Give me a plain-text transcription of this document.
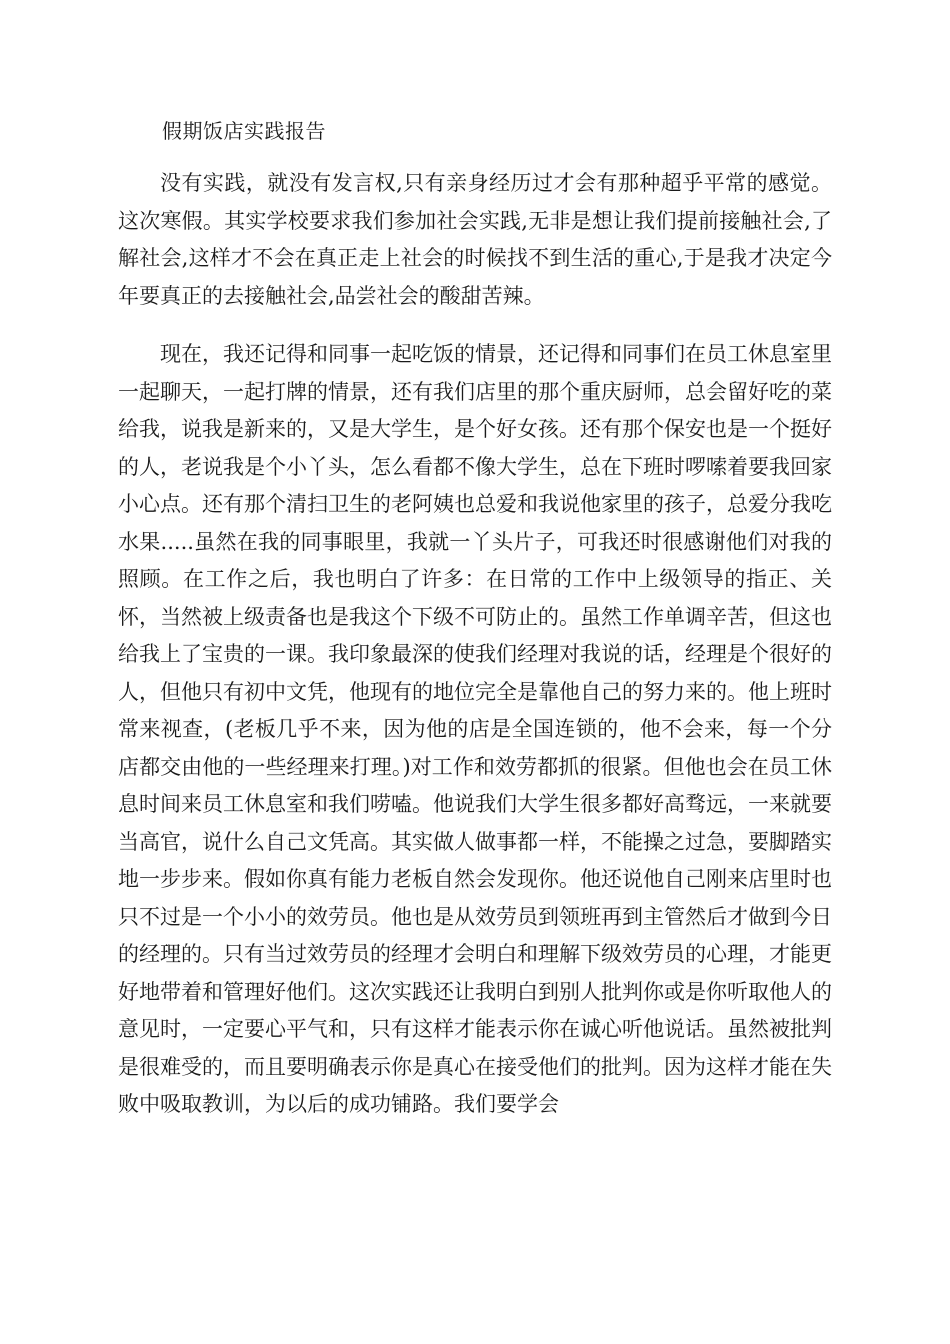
假期饭店实践报告

没有实践，就没有发言权,只有亲身经历过才会有那种超乎平常的感觉。这次寒假。其实学校要求我们参加社会实践,无非是想让我们提前接触社会,了解社会,这样才不会在真正走上社会的时候找不到生活的重心,于是我才决定今年要真正的去接触社会,品尝社会的酸甜苦辣。

现在，我还记得和同事一起吃饭的情景，还记得和同事们在员工休息室里一起聊天，一起打牌的情景，还有我们店里的那个重庆厨师，总会留好吃的菜给我，说我是新来的，又是大学生，是个好女孩。还有那个保安也是一个挺好的人，老说我是个小丫头，怎么看都不像大学生，总在下班时啰嗦着要我回家小心点。还有那个清扫卫生的老阿姨也总爱和我说他家里的孩子，总爱分我吃水果.....虽然在我的同事眼里，我就一丫头片子，可我还时很感谢他们对我的照顾。在工作之后，我也明白了许多：在日常的工作中上级领导的指正、关怀，当然被上级责备也是我这个下级不可防止的。虽然工作单调辛苦，但这也给我上了宝贵的一课。我印象最深的使我们经理对我说的话，经理是个很好的人，但他只有初中文凭，他现有的地位完全是靠他自己的努力来的。他上班时常来视查，(老板几乎不来，因为他的店是全国连锁的，他不会来，每一个分店都交由他的一些经理来打理。)对工作和效劳都抓的很紧。但他也会在员工休息时间来员工休息室和我们唠嗑。他说我们大学生很多都好高骛远，一来就要当高官，说什么自己文凭高。其实做人做事都一样，不能操之过急，要脚踏实地一步步来。假如你真有能力老板自然会发现你。他还说他自己刚来店里时也只不过是一个小小的效劳员。他也是从效劳员到领班再到主管然后才做到今日的经理的。只有当过效劳员的经理才会明白和理解下级效劳员的心理，才能更好地带着和管理好他们。这次实践还让我明白到别人批判你或是你听取他人的意见时，一定要心平气和，只有这样才能表示你在诚心听他说话。虽然被批判是很难受的，而且要明确表示你是真心在接受他们的批判。因为这样才能在失败中吸取教训，为以后的成功铺路。我们要学会
